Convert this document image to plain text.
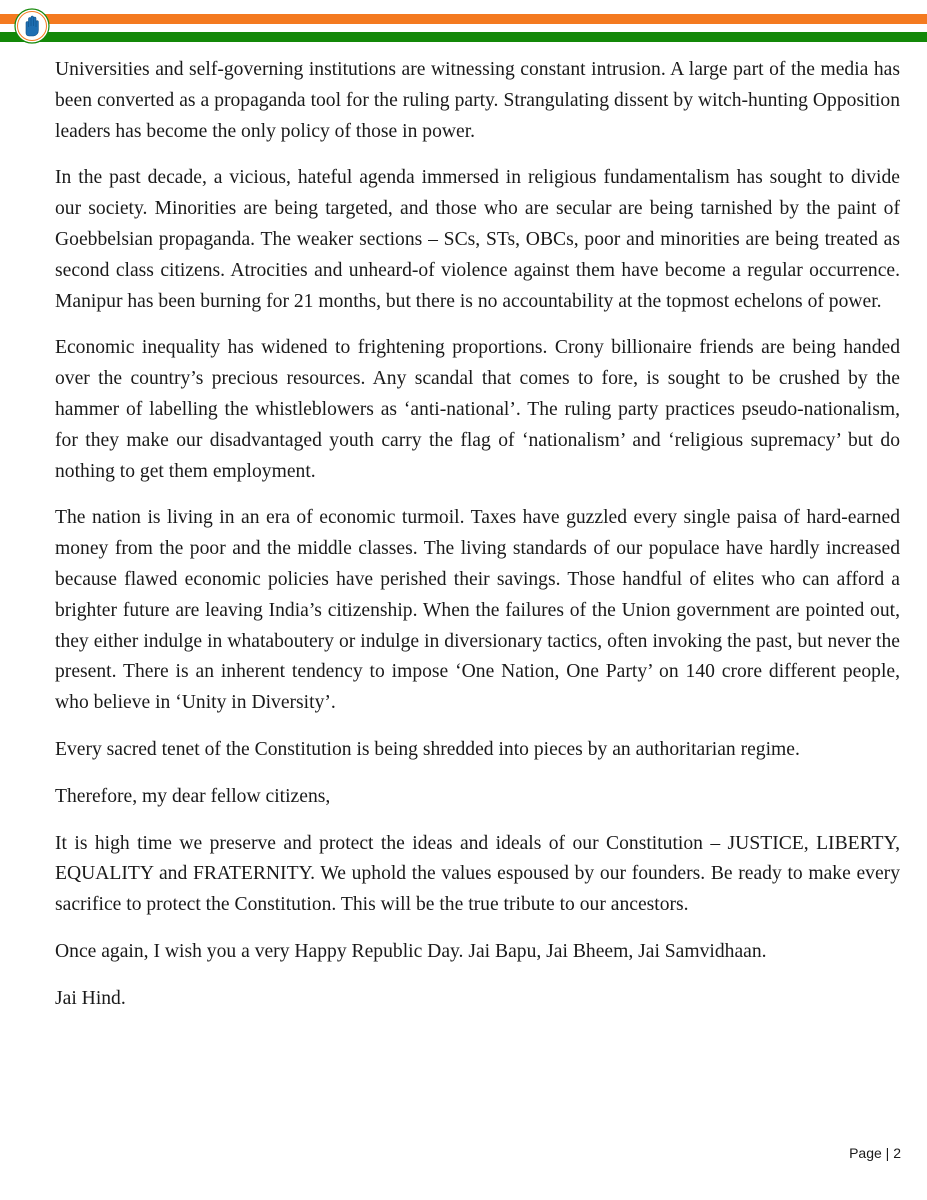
Universities and self-governing institutions are witnessing constant intrusion. A large part of the media has been converted as a propaganda tool for the ruling party. Strangulating dissent by witch-hunting Opposition leaders has become the only policy of those in power.

In the past decade, a vicious, hateful agenda immersed in religious fundamentalism has sought to divide our society. Minorities are being targeted, and those who are secular are being tarnished by the paint of Goebbelsian propaganda. The weaker sections – SCs, STs, OBCs, poor and minorities are being treated as second class citizens. Atrocities and unheard-of violence against them have become a regular occurrence. Manipur has been burning for 21 months, but there is no accountability at the topmost echelons of power.

Economic inequality has widened to frightening proportions. Crony billionaire friends are being handed over the country’s precious resources. Any scandal that comes to fore, is sought to be crushed by the hammer of labelling the whistleblowers as ‘anti-national’. The ruling party practices pseudo-nationalism, for they make our disadvantaged youth carry the flag of ‘nationalism’ and ‘religious supremacy’ but do nothing to get them employment.

The nation is living in an era of economic turmoil. Taxes have guzzled every single paisa of hard-earned money from the poor and the middle classes. The living standards of our populace have hardly increased because flawed economic policies have perished their savings. Those handful of elites who can afford a brighter future are leaving India’s citizenship. When the failures of the Union government are pointed out, they either indulge in whataboutery or indulge in diversionary tactics, often invoking the past, but never the present. There is an inherent tendency to impose ‘One Nation, One Party’ on 140 crore different people, who believe in ‘Unity in Diversity’.

Every sacred tenet of the Constitution is being shredded into pieces by an authoritarian regime.

Therefore, my dear fellow citizens,

It is high time we preserve and protect the ideas and ideals of our Constitution – JUSTICE, LIBERTY, EQUALITY and FRATERNITY. We uphold the values espoused by our founders. Be ready to make every sacrifice to protect the Constitution. This will be the true tribute to our ancestors.

Once again, I wish you a very Happy Republic Day. Jai Bapu, Jai Bheem, Jai Samvidhaan.

Jai Hind.

Page | 2
